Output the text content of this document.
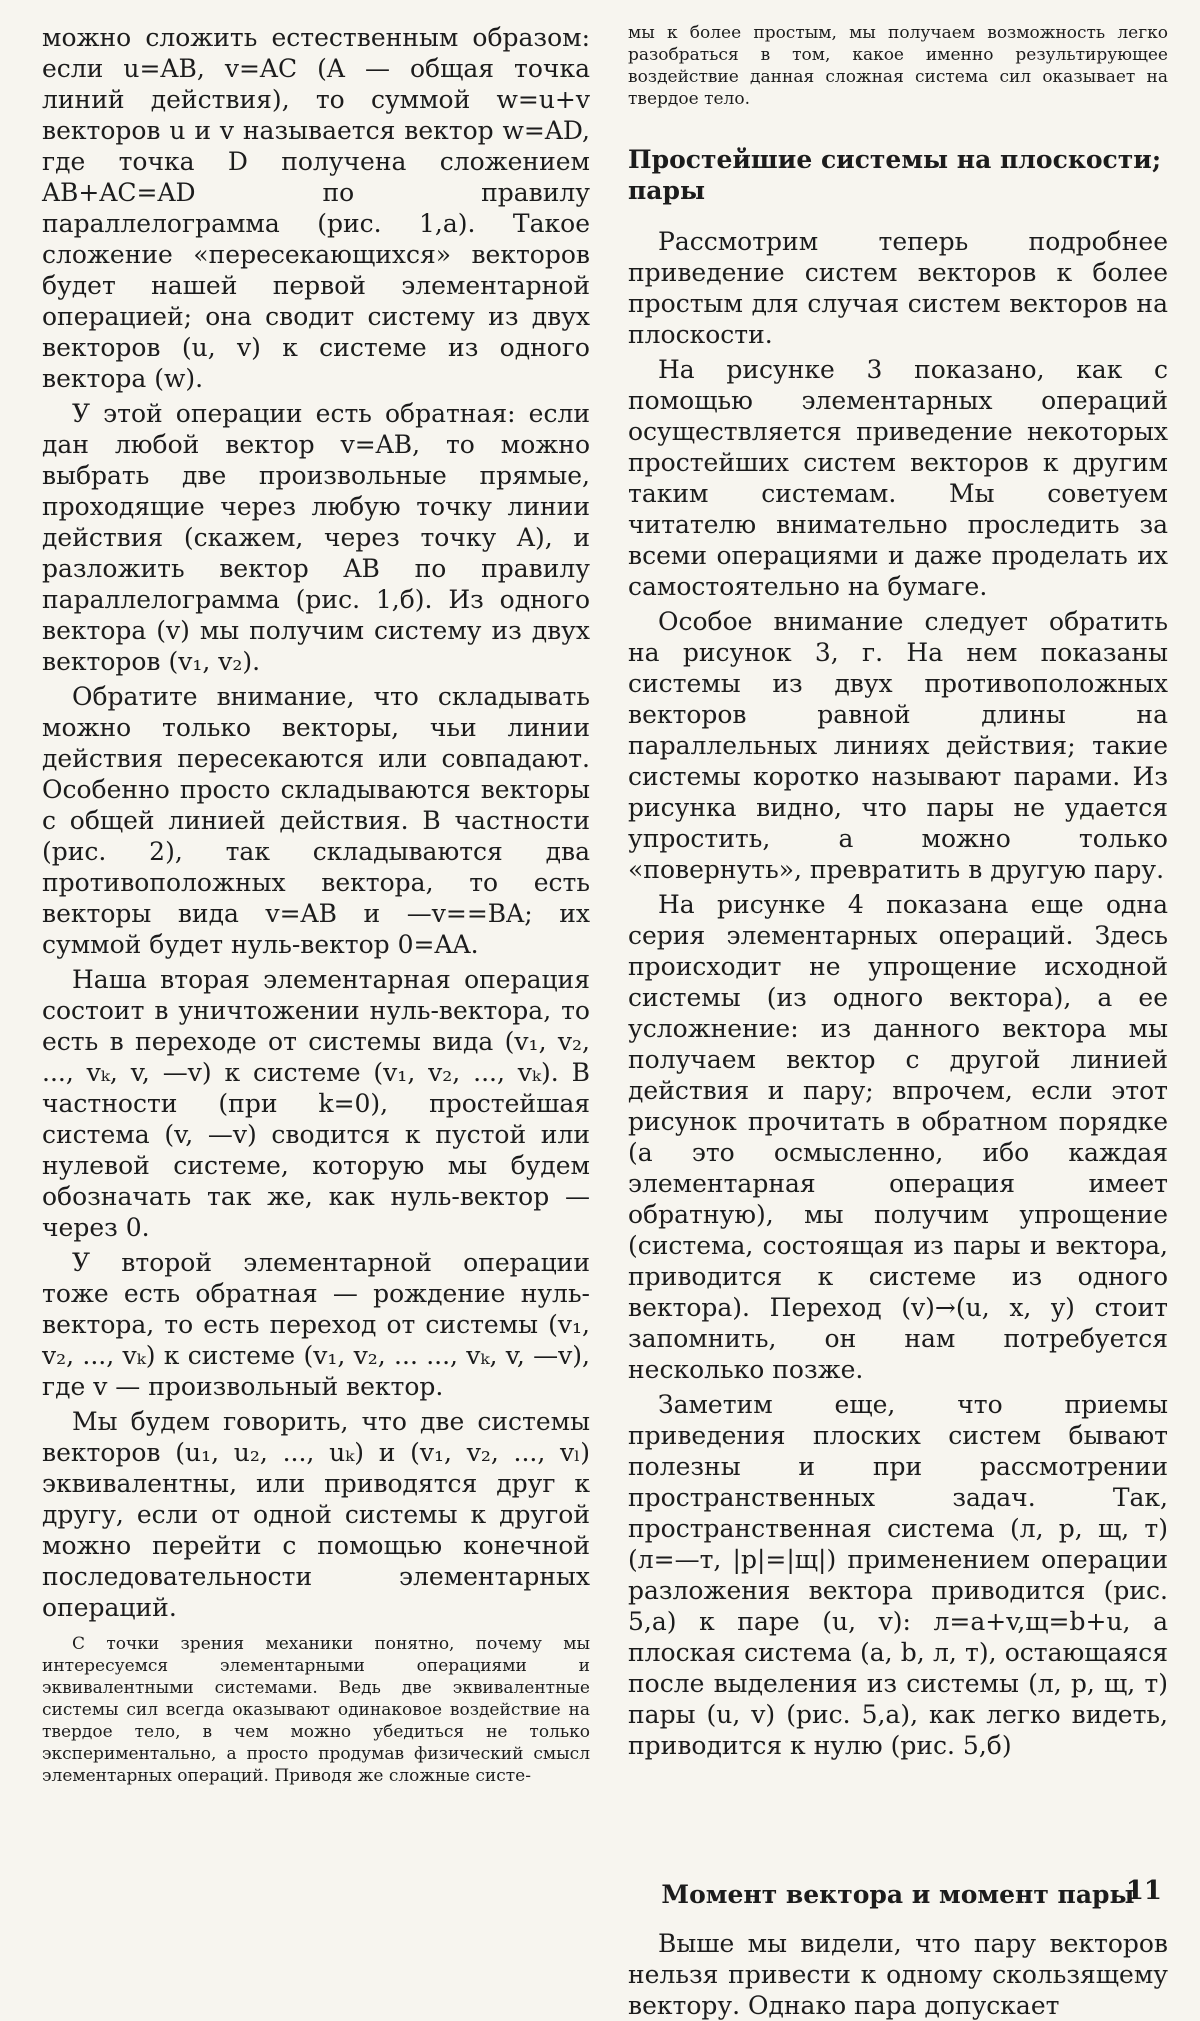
можно сложить естественным образом: если u=AB, v=AC (A — общая точка линий действия), то суммой w=u+v векторов u и v называется вектор w=AD, где точка D получена сложением AB+AC=AD по правилу параллелограмма (рис. 1,а). Такое сложение «пересекающихся» векторов будет нашей первой элементарной операцией; она сводит систему из двух векторов (u, v) к системе из одного вектора (w).

У этой операции есть обратная: если дан любой вектор v=AB, то можно выбрать две произвольные прямые, проходящие через любую точку линии действия (скажем, через точку A), и разложить вектор AB по правилу параллелограмма (рис. 1,б). Из одного вектора (v) мы получим систему из двух векторов (v₁, v₂).

Обратите внимание, что складывать можно только векторы, чьи линии действия пересекаются или совпадают. Особенно просто складываются векторы с общей линией действия. В частности (рис. 2), так складываются два противоположных вектора, то есть векторы вида v=AB и —v==BA; их суммой будет нуль-вектор 0=AA.

Наша вторая элементарная операция состоит в уничтожении нуль-вектора, то есть в переходе от системы вида (v₁, v₂, ..., vₖ, v, —v) к системе (v₁, v₂, ..., vₖ). В частности (при k=0), простейшая система (v, —v) сводится к пустой или нулевой системе, которую мы будем обозначать так же, как нуль-вектор — через 0.

У второй элементарной операции тоже есть обратная — рождение нуль-вектора, то есть переход от системы (v₁, v₂, ..., vₖ) к системе (v₁, v₂, ... ..., vₖ, v, —v), где v — произвольный вектор.

Мы будем говорить, что две системы векторов (u₁, u₂, ..., uₖ) и (v₁, v₂, ..., vₗ) эквивалентны, или приводятся друг к другу, если от одной системы к другой можно перейти с помощью конечной последовательности элементарных операций.

С точки зрения механики понятно, почему мы интересуемся элементарными операциями и эквивалентными системами. Ведь две эквивалентные системы сил всегда оказывают одинаковое воздействие на твердое тело, в чем можно убедиться не только экспериментально, а просто продумав физический смысл элементарных операций. Приводя же сложные систе-

мы к более простым, мы получаем возможность легко разобраться в том, какое именно результирующее воздействие данная сложная система сил оказывает на твердое тело.

Простейшие системы на плоскости; пары

Рассмотрим теперь подробнее приведение систем векторов к более простым для случая систем векторов на плоскости.

На рисунке 3 показано, как с помощью элементарных операций осуществляется приведение некоторых простейших систем векторов к другим таким системам. Мы советуем читателю внимательно проследить за всеми операциями и даже проделать их самостоятельно на бумаге.

Особое внимание следует обратить на рисунок 3, г. На нем показаны системы из двух противоположных векторов равной длины на параллельных линиях действия; такие системы коротко называют парами. Из рисунка видно, что пары не удается упростить, а можно только «повернуть», превратить в другую пару.

На рисунке 4 показана еще одна серия элементарных операций. Здесь происходит не упрощение исходной системы (из одного вектора), а ее усложнение: из данного вектора мы получаем вектор с другой линией действия и пару; впрочем, если этот рисунок прочитать в обратном порядке (а это осмысленно, ибо каждая элементарная операция имеет обратную), мы получим упрощение (система, состоящая из пары и вектора, приводится к системе из одного вектора). Переход (v)→(u, x, y) стоит запомнить, он нам потребуется несколько позже.

Заметим еще, что приемы приведения плоских систем бывают полезны и при рассмотрении пространственных задач. Так, пространственная система (л, р, щ, т) (л=—т, |р|=|щ|) применением операции разложения вектора приводится (рис. 5,а) к паре (u, v): л=a+v,щ=b+u, а плоская система (a, b, л, т), остающаяся после выделения из системы (л, р, щ, т) пары (u, v) (рис. 5,а), как легко видеть, приводится к нулю (рис. 5,б)

Момент вектора и момент пары

Выше мы видели, что пару векторов нельзя привести к одному скользящему вектору. Однако пара допускает

11
